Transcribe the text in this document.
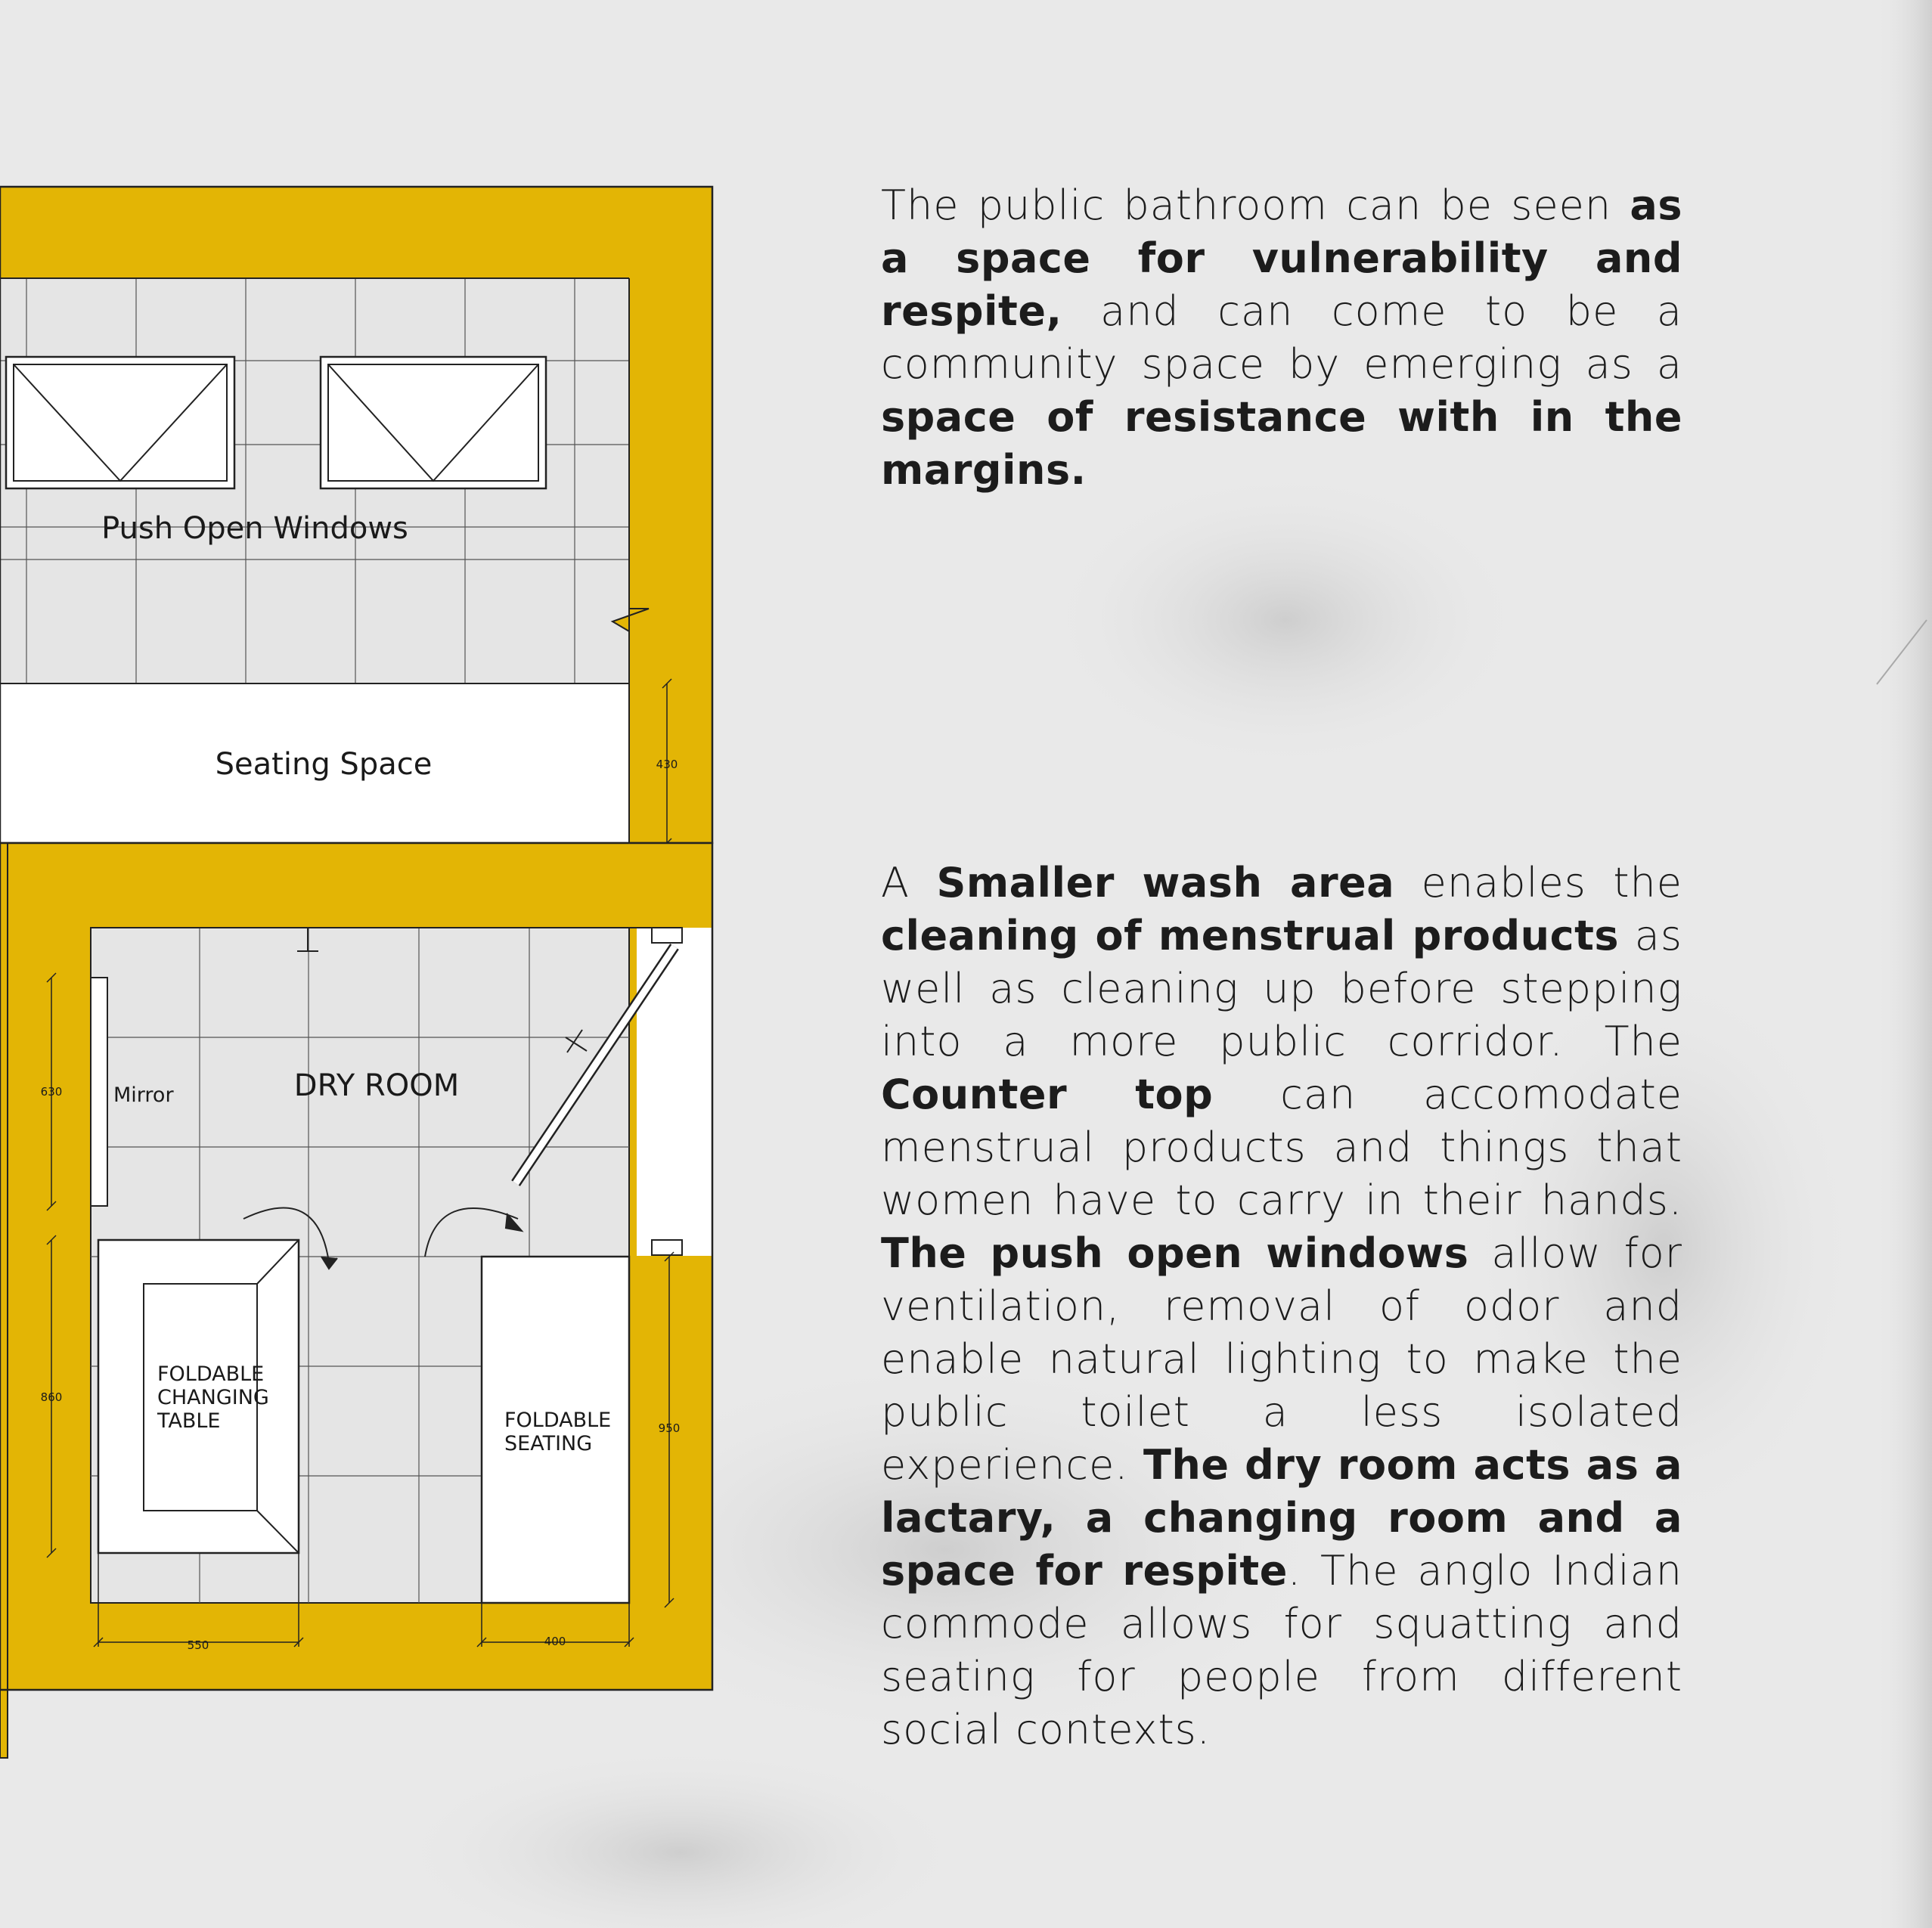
Push Open Windows
Seating Space	430
Mirror	DRY ROOM
FOLDABLE
CHANGING
TABLE	FOLDABLE
SEATING
630
860
950
550	400
The public bathroom can be seen as a space for vulnerability and respite, and can come to be a community space by emerging as a space of resistance with in the margins.
A Smaller wash area enables the cleaning of menstrual products as well as cleaning up before stepping into a more public corridor. The Counter top can accomodate menstrual products and things that women have to carry in their hands. The push open windows allow for ventilation, removal of odor and enable natural lighting to make the public toilet a less isolated experience. The dry room acts as a lactary, a changing room and a space for respite. The anglo Indian commode allows for squatting and seating for people from different social contexts.
